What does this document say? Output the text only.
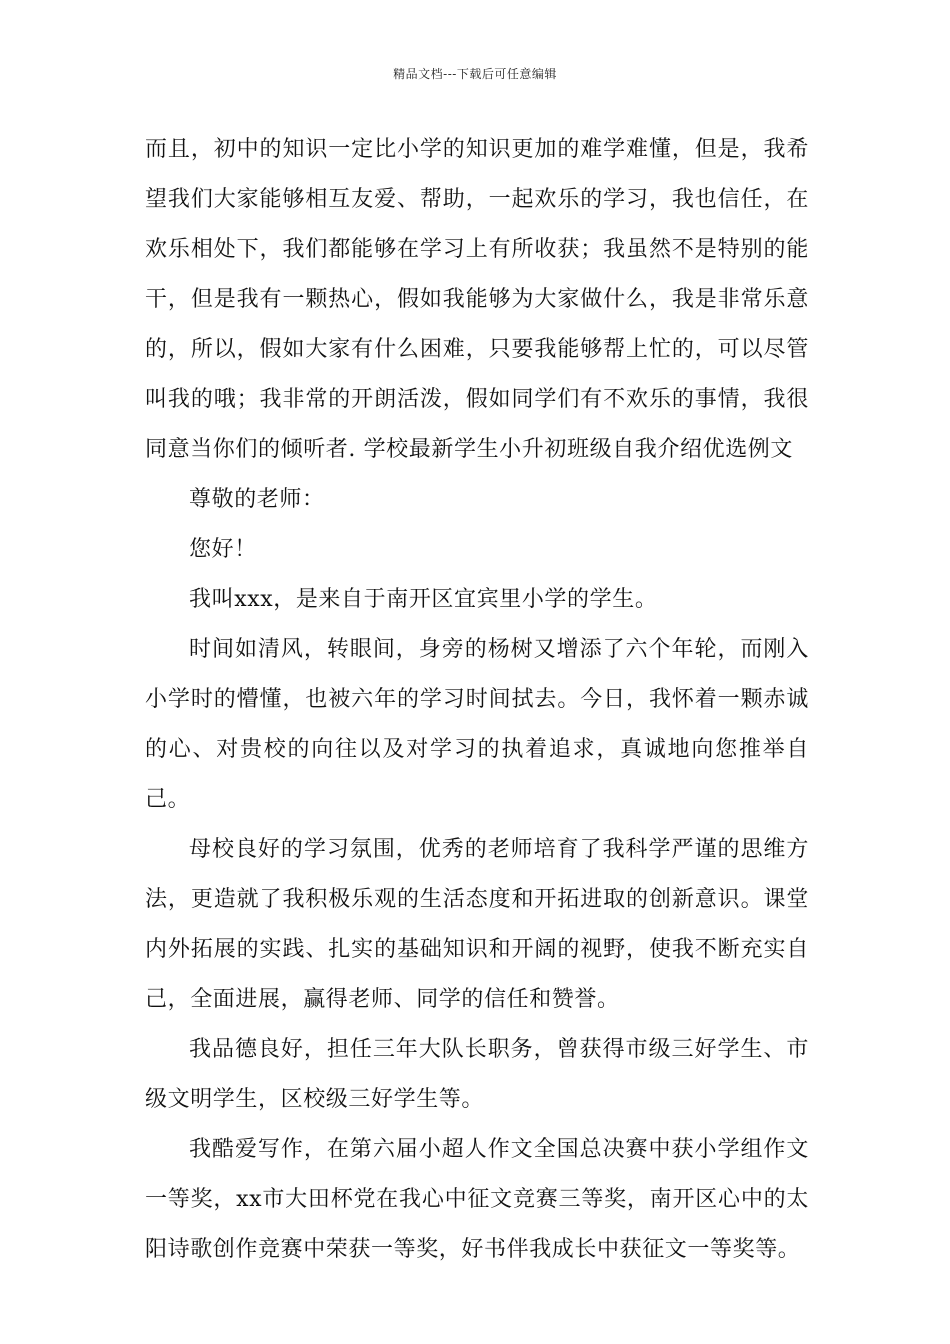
精品文档---下载后可任意编辑

而且，初中的知识一定比小学的知识更加的难学难懂，但是，我希望我们大家能够相互友爱、帮助，一起欢乐的学习，我也信任，在欢乐相处下，我们都能够在学习上有所收获；我虽然不是特别的能干，但是我有一颗热心，假如我能够为大家做什么，我是非常乐意的，所以，假如大家有什么困难，只要我能够帮上忙的，可以尽管叫我的哦；我非常的开朗活泼，假如同学们有不欢乐的事情，我很同意当你们的倾听者. 学校最新学生小升初班级自我介绍优选例文

尊敬的老师：

您好！

我叫xxx，是来自于南开区宜宾里小学的学生。

时间如清风，转眼间，身旁的杨树又增添了六个年轮，而刚入小学时的懵懂，也被六年的学习时间拭去。今日，我怀着一颗赤诚的心、对贵校的向往以及对学习的执着追求，真诚地向您推举自己。

母校良好的学习氛围，优秀的老师培育了我科学严谨的思维方法，更造就了我积极乐观的生活态度和开拓进取的创新意识。课堂内外拓展的实践、扎实的基础知识和开阔的视野，使我不断充实自己，全面进展，赢得老师、同学的信任和赞誉。

我品德良好，担任三年大队长职务，曾获得市级三好学生、市级文明学生，区校级三好学生等。

我酷爱写作，在第六届小超人作文全国总决赛中获小学组作文一等奖，xx市大田杯党在我心中征文竞赛三等奖，南开区心中的太阳诗歌创作竞赛中荣获一等奖，好书伴我成长中获征文一等奖等。
